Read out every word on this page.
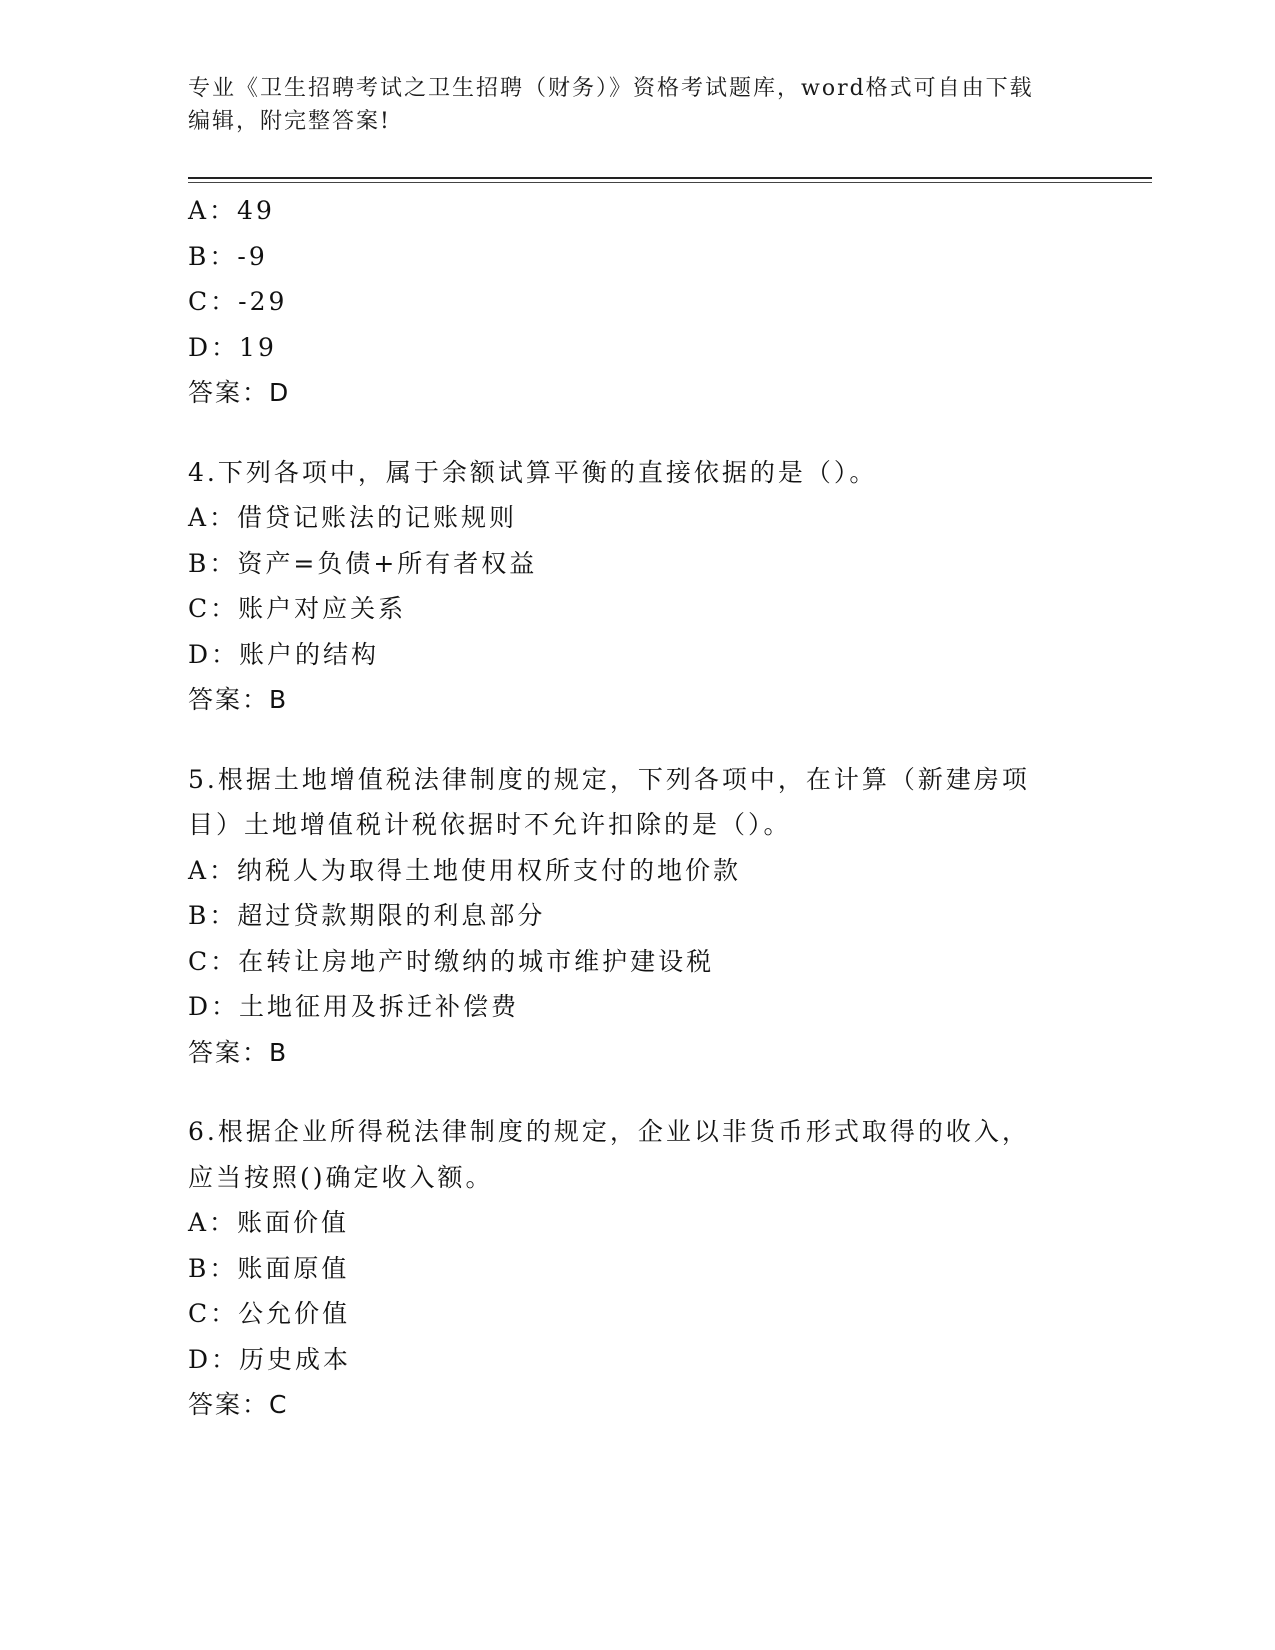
专业《卫生招聘考试之卫生招聘（财务）》资格考试题库，word格式可自由下载
编辑，附完整答案!
A：49
B：-9
C：-29
D：19
答案：D
4.下列各项中，属于余额试算平衡的直接依据的是（）。
A：借贷记账法的记账规则
B：资产=负债+所有者权益
C：账户对应关系
D：账户的结构
答案：B
5.根据土地增值税法律制度的规定，下列各项中，在计算（新建房项
目）土地增值税计税依据时不允许扣除的是（）。
A：纳税人为取得土地使用权所支付的地价款
B：超过贷款期限的利息部分
C：在转让房地产时缴纳的城市维护建设税
D：土地征用及拆迁补偿费
答案：B
6.根据企业所得税法律制度的规定，企业以非货币形式取得的收入，
应当按照()确定收入额。
A：账面价值
B：账面原值
C：公允价值
D：历史成本
答案：C
